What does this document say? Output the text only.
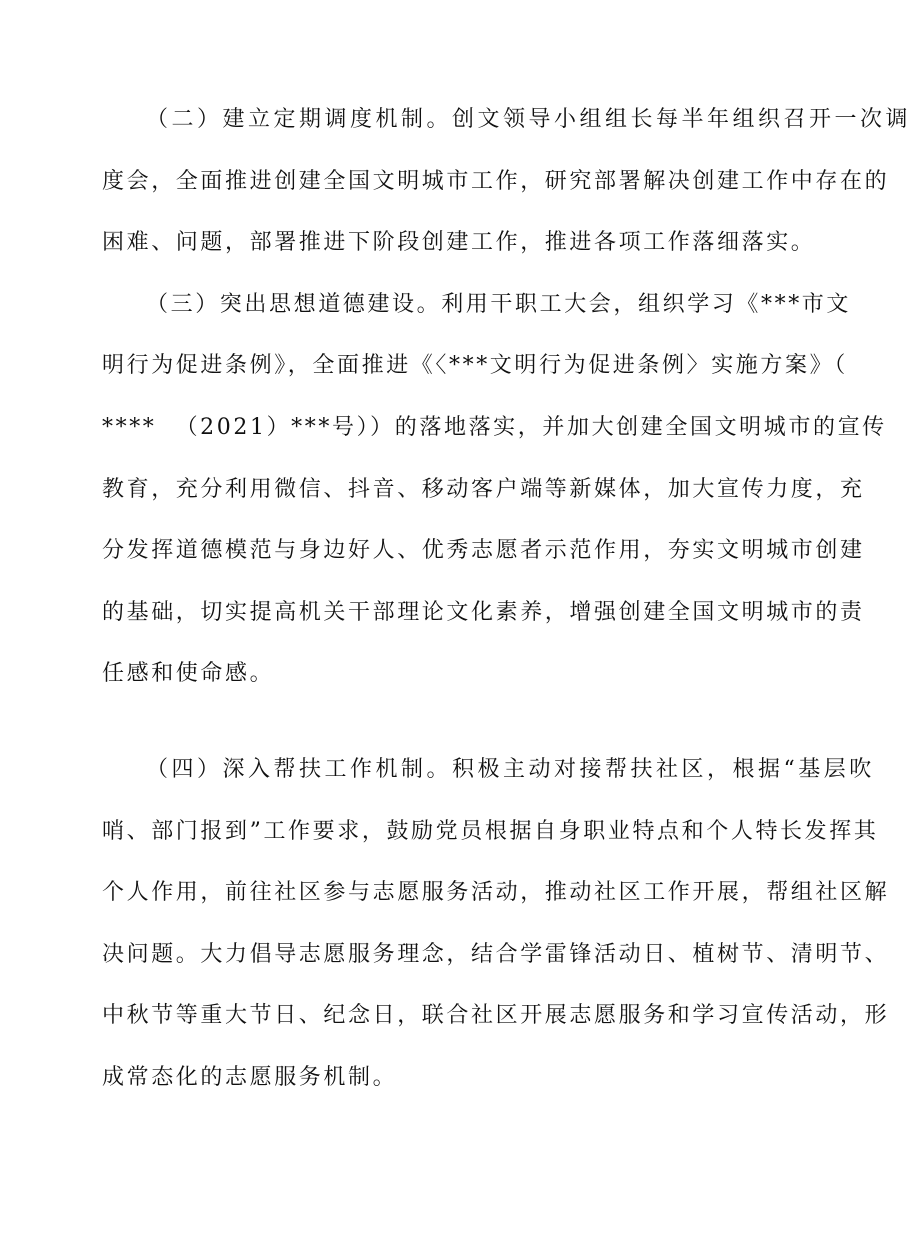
（二）建立定期调度机制。创文领导小组组长每半年组织召开一次调

度会，全面推进创建全国文明城市工作，研究部署解决创建工作中存在的

困难、问题，部署推进下阶段创建工作，推进各项工作落细落实。

（三）突出思想道德建设。利用干职工大会，组织学习《***市文

明行为促进条例》，全面推进《〈***文明行为促进条例〉实施方案》（

****  （2021）***号））的落地落实，并加大创建全国文明城市的宣传

教育，充分利用微信、抖音、移动客户端等新媒体，加大宣传力度，充

分发挥道德模范与身边好人、优秀志愿者示范作用，夯实文明城市创建

的基础，切实提高机关干部理论文化素养，增强创建全国文明城市的责

任感和使命感。

（四）深入帮扶工作机制。积极主动对接帮扶社区，根据“基层吹

哨、部门报到”工作要求，鼓励党员根据自身职业特点和个人特长发挥其

个人作用，前往社区参与志愿服务活动，推动社区工作开展，帮组社区解

决问题。大力倡导志愿服务理念，结合学雷锋活动日、植树节、清明节、

中秋节等重大节日、纪念日，联合社区开展志愿服务和学习宣传活动，形

成常态化的志愿服务机制。
